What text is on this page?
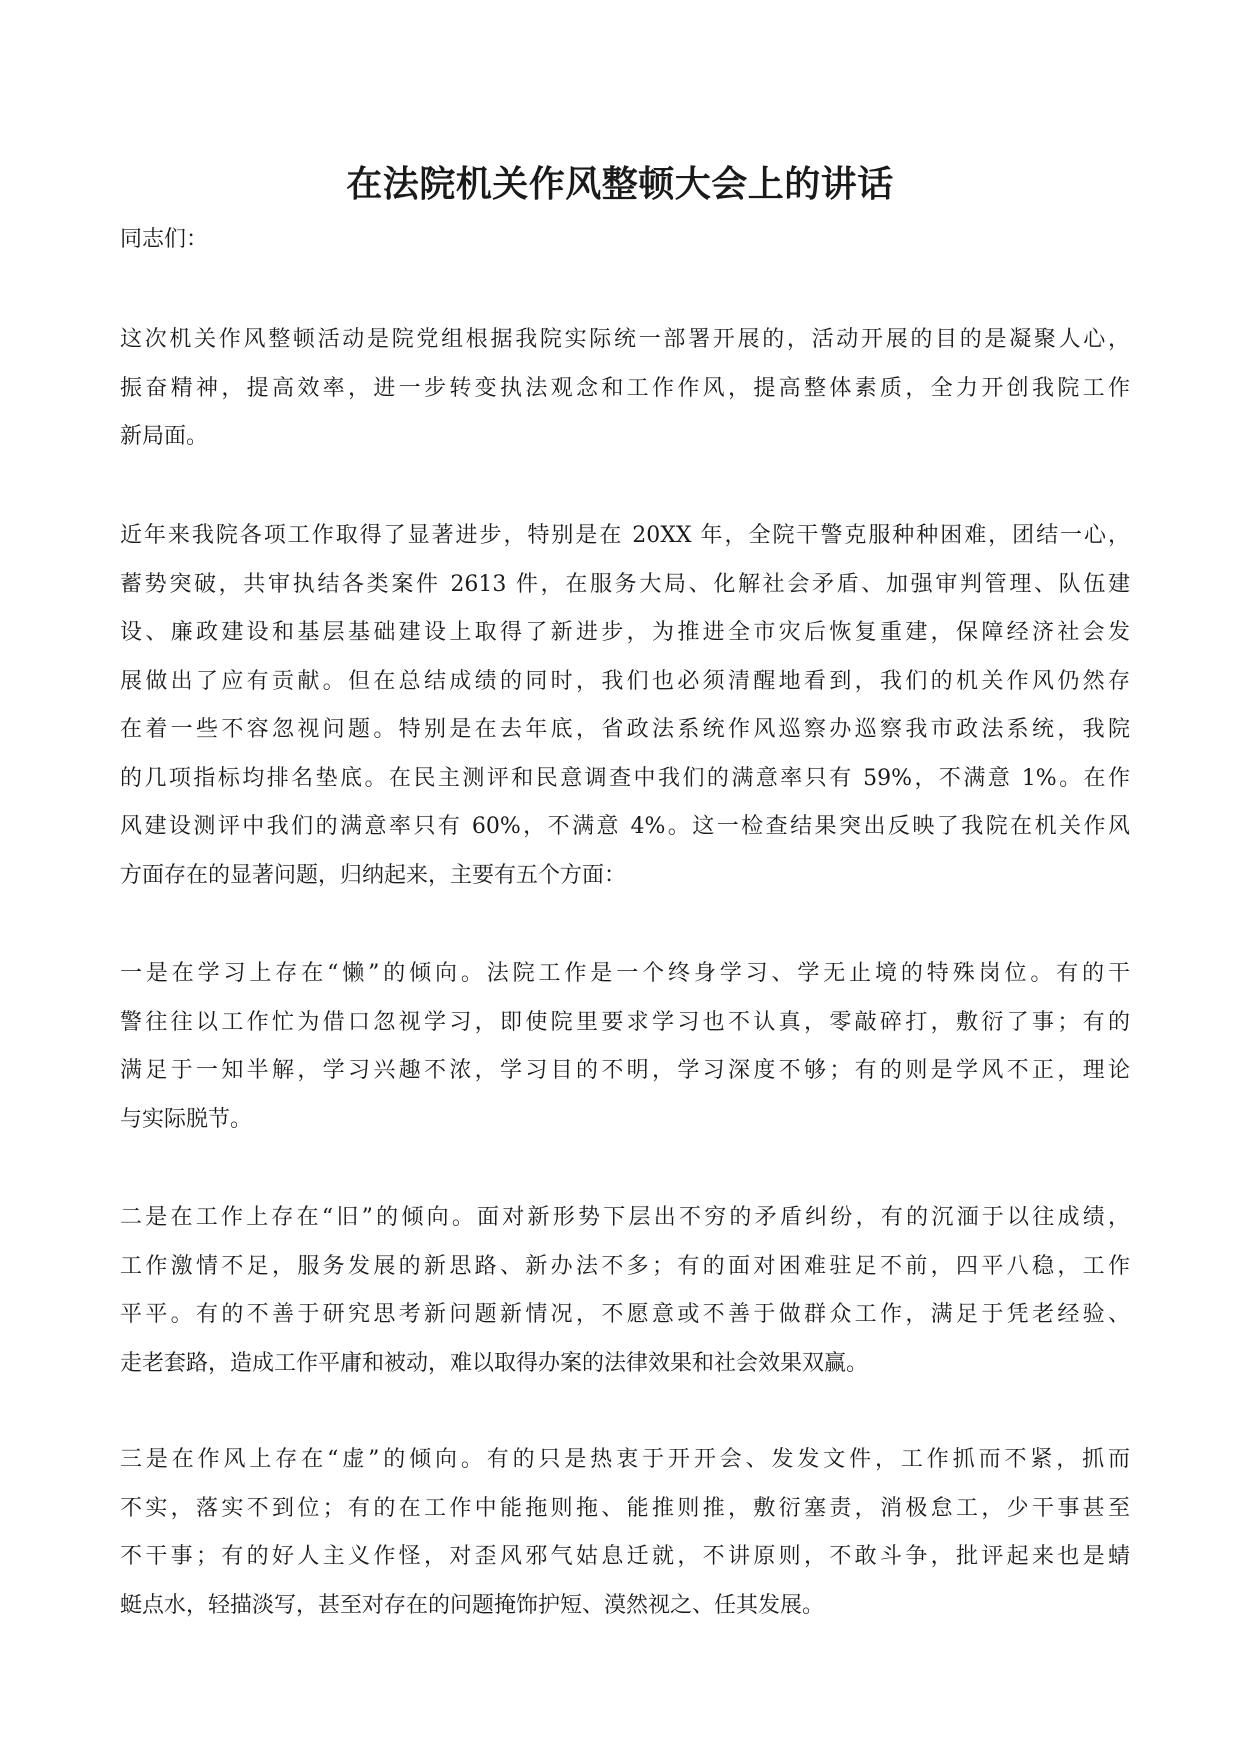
在法院机关作风整顿大会上的讲话
同志们：
这次机关作风整顿活动是院党组根据我院实际统一部署开展的，活动开展的目的是凝聚人心，
振奋精神，提高效率，进一步转变执法观念和工作作风，提高整体素质，全力开创我院工作
新局面。
近年来我院各项工作取得了显著进步，特别是在 20XX 年，全院干警克服种种困难，团结一心，
蓄势突破，共审执结各类案件 2613 件，在服务大局、化解社会矛盾、加强审判管理、队伍建
设、廉政建设和基层基础建设上取得了新进步，为推进全市灾后恢复重建，保障经济社会发
展做出了应有贡献。但在总结成绩的同时，我们也必须清醒地看到，我们的机关作风仍然存
在着一些不容忽视问题。特别是在去年底，省政法系统作风巡察办巡察我市政法系统，我院
的几项指标均排名垫底。在民主测评和民意调查中我们的满意率只有 59%，不满意 1%。在作
风建设测评中我们的满意率只有 60%，不满意 4%。这一检查结果突出反映了我院在机关作风
方面存在的显著问题，归纳起来，主要有五个方面：
一是在学习上存在“懒”的倾向。法院工作是一个终身学习、学无止境的特殊岗位。有的干
警往往以工作忙为借口忽视学习，即使院里要求学习也不认真，零敲碎打，敷衍了事；有的
满足于一知半解，学习兴趣不浓，学习目的不明，学习深度不够；有的则是学风不正，理论
与实际脱节。
二是在工作上存在“旧”的倾向。面对新形势下层出不穷的矛盾纠纷，有的沉湎于以往成绩，
工作激情不足，服务发展的新思路、新办法不多；有的面对困难驻足不前，四平八稳，工作
平平。有的不善于研究思考新问题新情况，不愿意或不善于做群众工作，满足于凭老经验、
走老套路，造成工作平庸和被动，难以取得办案的法律效果和社会效果双赢。
三是在作风上存在“虚”的倾向。有的只是热衷于开开会、发发文件，工作抓而不紧，抓而
不实，落实不到位；有的在工作中能拖则拖、能推则推，敷衍塞责，消极怠工，少干事甚至
不干事；有的好人主义作怪，对歪风邪气姑息迁就，不讲原则，不敢斗争，批评起来也是蜻
蜓点水，轻描淡写，甚至对存在的问题掩饰护短、漠然视之、任其发展。
